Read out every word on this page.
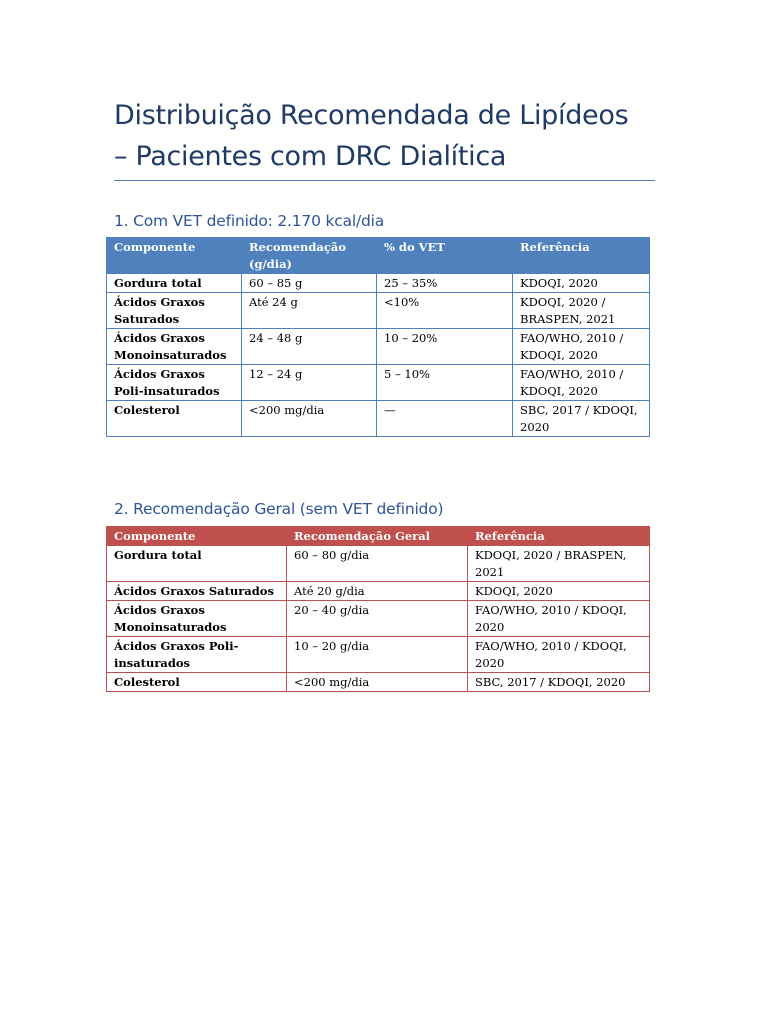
Distribuição Recomendada de Lipídeos
– Pacientes com DRC Dialítica
1. Com VET definido: 2.170 kcal/dia
Componente	Recomendação (g/dia)	% do VET	Referência
Gordura total	60 – 85 g	25 – 35%	KDOQI, 2020
Ácidos Graxos Saturados	Até 24 g	<10%	KDOQI, 2020 / BRASPEN, 2021
Ácidos Graxos Monoinsaturados	24 – 48 g	10 – 20%	FAO/WHO, 2010 / KDOQI, 2020
Ácidos Graxos Poli-insaturados	12 – 24 g	5 – 10%	FAO/WHO, 2010 / KDOQI, 2020
Colesterol	<200 mg/dia	—	SBC, 2017 / KDOQI, 2020
2. Recomendação Geral (sem VET definido)
Componente	Recomendação Geral	Referência
Gordura total	60 – 80 g/dia	KDOQI, 2020 / BRASPEN, 2021
Ácidos Graxos Saturados	Até 20 g/dia	KDOQI, 2020
Ácidos Graxos Monoinsaturados	20 – 40 g/dia	FAO/WHO, 2010 / KDOQI, 2020
Ácidos Graxos Poli-insaturados	10 – 20 g/dia	FAO/WHO, 2010 / KDOQI, 2020
Colesterol	<200 mg/dia	SBC, 2017 / KDOQI, 2020
